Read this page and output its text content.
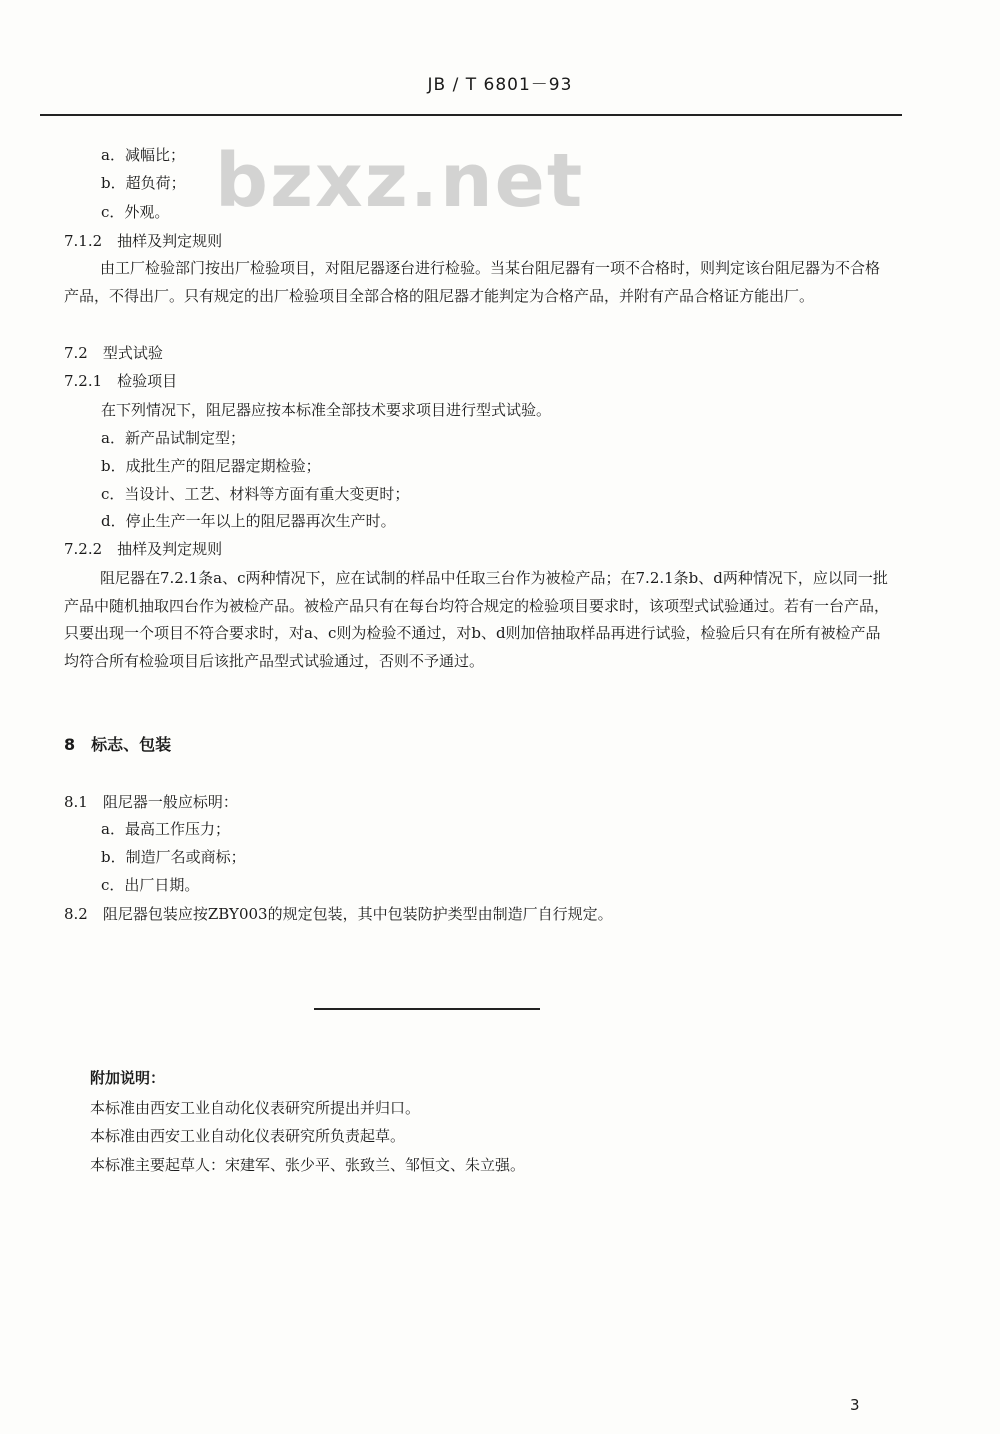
JB / T 6801－93
bzxz.net
a．减幅比；
b．超负荷；
c．外观。
7.1.2　抽样及判定规则
由工厂检验部门按出厂检验项目，对阻尼器逐台进行检验。当某台阻尼器有一项不合格时，则判定该台阻尼器为不合格产品，不得出厂。只有规定的出厂检验项目全部合格的阻尼器才能判定为合格产品，并附有产品合格证方能出厂。
7.2　型式试验
7.2.1　检验项目
在下列情况下，阻尼器应按本标准全部技术要求项目进行型式试验。
a．新产品试制定型；
b．成批生产的阻尼器定期检验；
c．当设计、工艺、材料等方面有重大变更时；
d．停止生产一年以上的阻尼器再次生产时。
7.2.2　抽样及判定规则
阻尼器在7.2.1条a、c两种情况下，应在试制的样品中任取三台作为被检产品；在7.2.1条b、d两种情况下，应以同一批产品中随机抽取四台作为被检产品。被检产品只有在每台均符合规定的检验项目要求时，该项型式试验通过。若有一台产品，只要出现一个项目不符合要求时，对a、c则为检验不通过，对b、d则加倍抽取样品再进行试验，检验后只有在所有被检产品均符合所有检验项目后该批产品型式试验通过，否则不予通过。
8　标志、包装
8.1　阻尼器一般应标明：
a．最高工作压力；
b．制造厂名或商标；
c．出厂日期。
8.2　阻尼器包装应按ZBY003的规定包装，其中包装防护类型由制造厂自行规定。
附加说明：
本标准由西安工业自动化仪表研究所提出并归口。
本标准由西安工业自动化仪表研究所负责起草。
本标准主要起草人：宋建军、张少平、张致兰、邹恒文、朱立强。
3
